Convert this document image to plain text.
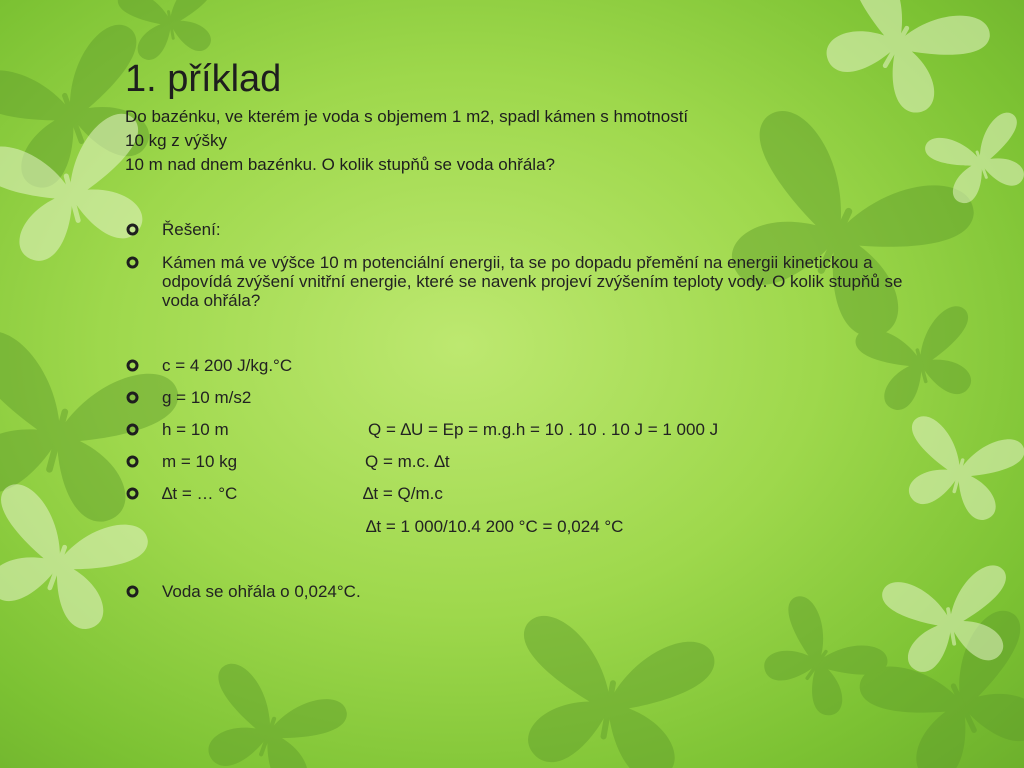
1. příklad
Do bazénku, ve kterém je voda s objemem 1 m2, spadl kámen s hmotností
10 kg z výšky
10 m nad dnem bazénku. O kolik stupňů se voda ohřála?
Řešení:
Kámen má ve výšce 10 m potenciální energii, ta se po dopadu přemění na energii kinetickou a odpovídá zvýšení vnitřní energie, které se navenk projeví zvýšením teploty vody. O kolik stupňů se voda ohřála?
c = 4 200 J/kg.°C
g = 10 m/s2
h = 10 m
m = 10 kg
∆t = … °C
Voda se ohřála o 0,024°C.
Q = ∆U = Ep = m.g.h = 10 . 10 . 10 J = 1 000 J
Q = m.c. ∆t
∆t = Q/m.c
∆t = 1 000/10.4 200 °C = 0,024 °C
